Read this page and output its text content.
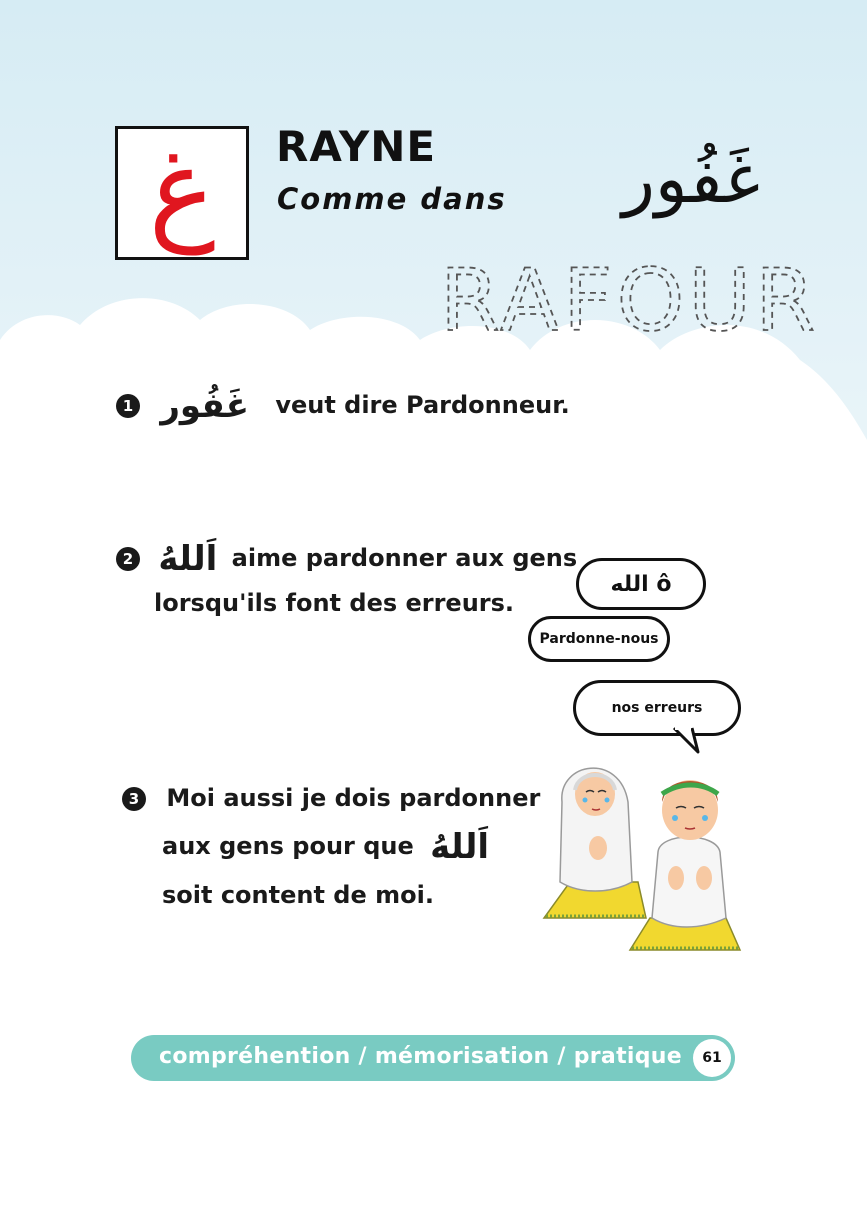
غ RAYNE
Comme dans	غَفُور
RAFOUR
1 غَفُور veut dire Pardonneur.
2 اَللهُ aime pardonner aux gens
lorsqu'ils font des erreurs.
3 Moi aussi je dois pardonner
aux gens pour que اَللهُ
soit content de moi.
الله ô
Pardonne-nous
nos erreurs
compréhention / mémorisation / pratique	61
